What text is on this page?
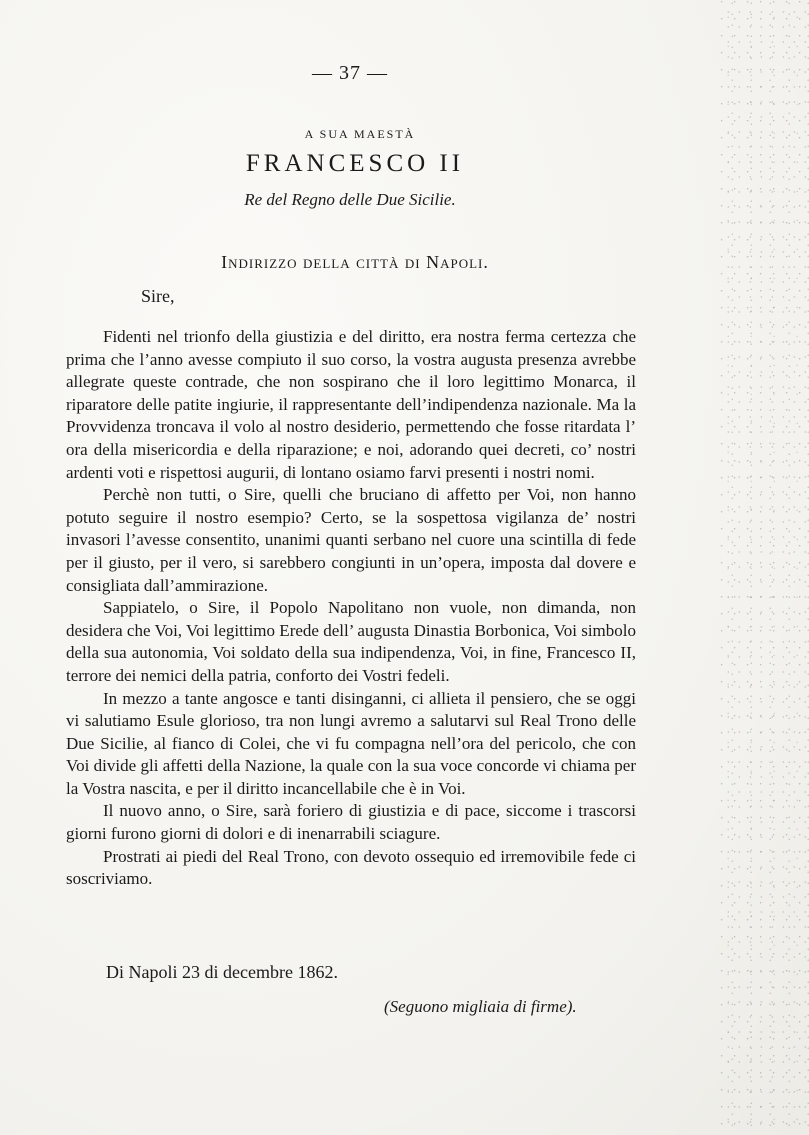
— 37 —
A SUA MAESTÀ
FRANCESCO II
Re del Regno delle Due Sicilie.
Indirizzo della città di Napoli.
Sire,

Fidenti nel trionfo della giustizia e del diritto, era nostra ferma certezza che prima che l’anno avesse compiuto il suo corso, la vostra augusta presenza avrebbe allegrate queste contrade, che non sospirano che il loro legittimo Monarca, il riparatore delle patite ingiurie, il rappresentante dell’indipendenza nazionale. Ma la Provvidenza troncava il volo al nostro desiderio, permettendo che fosse ritardata l’ ora della misericordia e della riparazione; e noi, adorando quei decreti, co’ nostri ardenti voti e rispettosi augurii, di lontano osiamo farvi presenti i nostri nomi.

Perchè non tutti, o Sire, quelli che bruciano di affetto per Voi, non hanno potuto seguire il nostro esempio? Certo, se la sospettosa vigilanza de’ nostri invasori l’avesse consentito, unanimi quanti serbano nel cuore una scintilla di fede per il giusto, per il vero, si sarebbero congiunti in un’opera, imposta dal dovere e consigliata dall’ammirazione.

Sappiatelo, o Sire, il Popolo Napolitano non vuole, non dimanda, non desidera che Voi, Voi legittimo Erede dell’ augusta Dinastia Borbonica, Voi simbolo della sua autonomia, Voi soldato della sua indipendenza, Voi, in fine, Francesco II, terrore dei nemici della patria, conforto dei Vostri fedeli.

In mezzo a tante angosce e tanti disinganni, ci allieta il pensiero, che se oggi vi salutiamo Esule glorioso, tra non lungi avremo a salutarvi sul Real Trono delle Due Sicilie, al fianco di Colei, che vi fu compagna nell’ora del pericolo, che con Voi divide gli affetti della Nazione, la quale con la sua voce concorde vi chiama per la Vostra nascita, e per il diritto incancellabile che è in Voi.

Il nuovo anno, o Sire, sarà foriero di giustizia e di pace, siccome i trascorsi giorni furono giorni di dolori e di inenarrabili sciagure.

Prostrati ai piedi del Real Trono, con devoto ossequio ed irremovibile fede ci soscriviamo.

Di Napoli 23 di decembre 1862.
(Seguono migliaia di firme).
